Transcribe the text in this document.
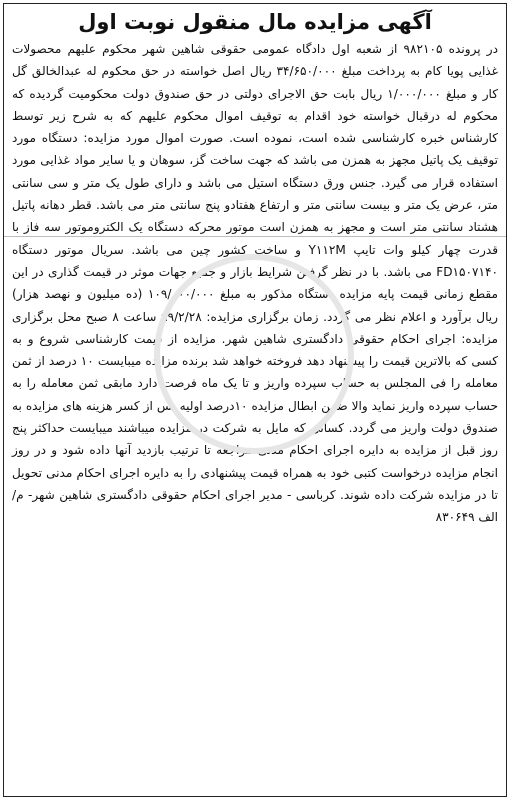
آگهی مزایده مال منقول نوبت اول

در پرونده ۹۸۲۱۰۵ از شعبه اول دادگاه عمومی حقوقی شاهین شهر محکوم علیهم محصولات غذایی پویا کام به پرداخت مبلغ ۳۴/۶۵۰/۰۰۰ ریال اصل خواسته در حق محکوم له عبدالخالق گل کار و مبلغ ۱/۰۰۰/۰۰۰ ریال بابت حق الاجرای دولتی در حق صندوق دولت محکومیت گردیده که محکوم له درقبال خواسته خود اقدام به توقیف اموال محکوم علیهم که به شرح زیر توسط کارشناس خبره کارشناسی شده است، نموده است. صورت اموال مورد مزایده: دستگاه مورد توقیف یک پاتیل مجهز به همزن می باشد که جهت ساخت گز، سوهان و یا سایر مواد غذایی مورد استفاده قرار می گیرد. جنس ورق دستگاه استیل می باشد و دارای طول یک متر و سی سانتی متر، عرض یک متر و بیست سانتی متر و ارتفاع هفتادو پنج سانتی متر می باشد. قطر دهانه پاتیل هشتاد سانتی متر است و مجهز به همزن است موتور محرکه دستگاه یک الکتروموتور سه فاز با قدرت چهار کیلو وات تایپ Y۱۱۲M و ساخت کشور چین می باشد. سریال موتور دستگاه FD۱۵۰۷۱۴۰ می باشد. با در نظر گرفتن شرایط بازار و جمیع جهات موثر در قیمت گذاری در این مقطع زمانی قیمت پایه مزایده دستگاه مذکور به مبلغ ۱۰۹/۰۰۰/۰۰۰ (ده میلیون و نهصد هزار) ریال برآورد و اعلام نظر می گردد. زمان برگزاری مزایده: ۹۹/۲/۲۸ ساعت ۸ صبح محل برگزاری مزایده: اجرای احکام حقوقی دادگستری شاهین شهر. مزایده از قیمت کارشناسی شروع و به کسی که بالاترین قیمت را پیشنهاد دهد فروخته خواهد شد برنده مزایده میبایست ۱۰ درصد از ثمن معامله را فی المجلس به حساب سپرده واریز و تا یک ماه فرصت دارد مابقی ثمن معامله را به حساب سپرده واریز نماید والا ضمن ابطال مزایده ۱۰درصد اولیه پس از کسر هزینه های مزایده به صندوق دولت واریز می گردد. کسانی که مایل به شرکت در مزایده میباشند میبایست حداکثر پنج روز قبل از مزایده به دایره اجرای احکام مدنی مراجعه تا ترتیب بازدید آنها داده شود و در روز انجام مزایده درخواست کتبی خود به همراه قیمت پیشنهادی را به دایره اجرای احکام مدنی تحویل تا در مزایده شرکت داده شوند. کرباسی - مدیر اجرای احکام حقوقی دادگستری شاهین شهر- م/الف ۸۳۰۶۴۹
